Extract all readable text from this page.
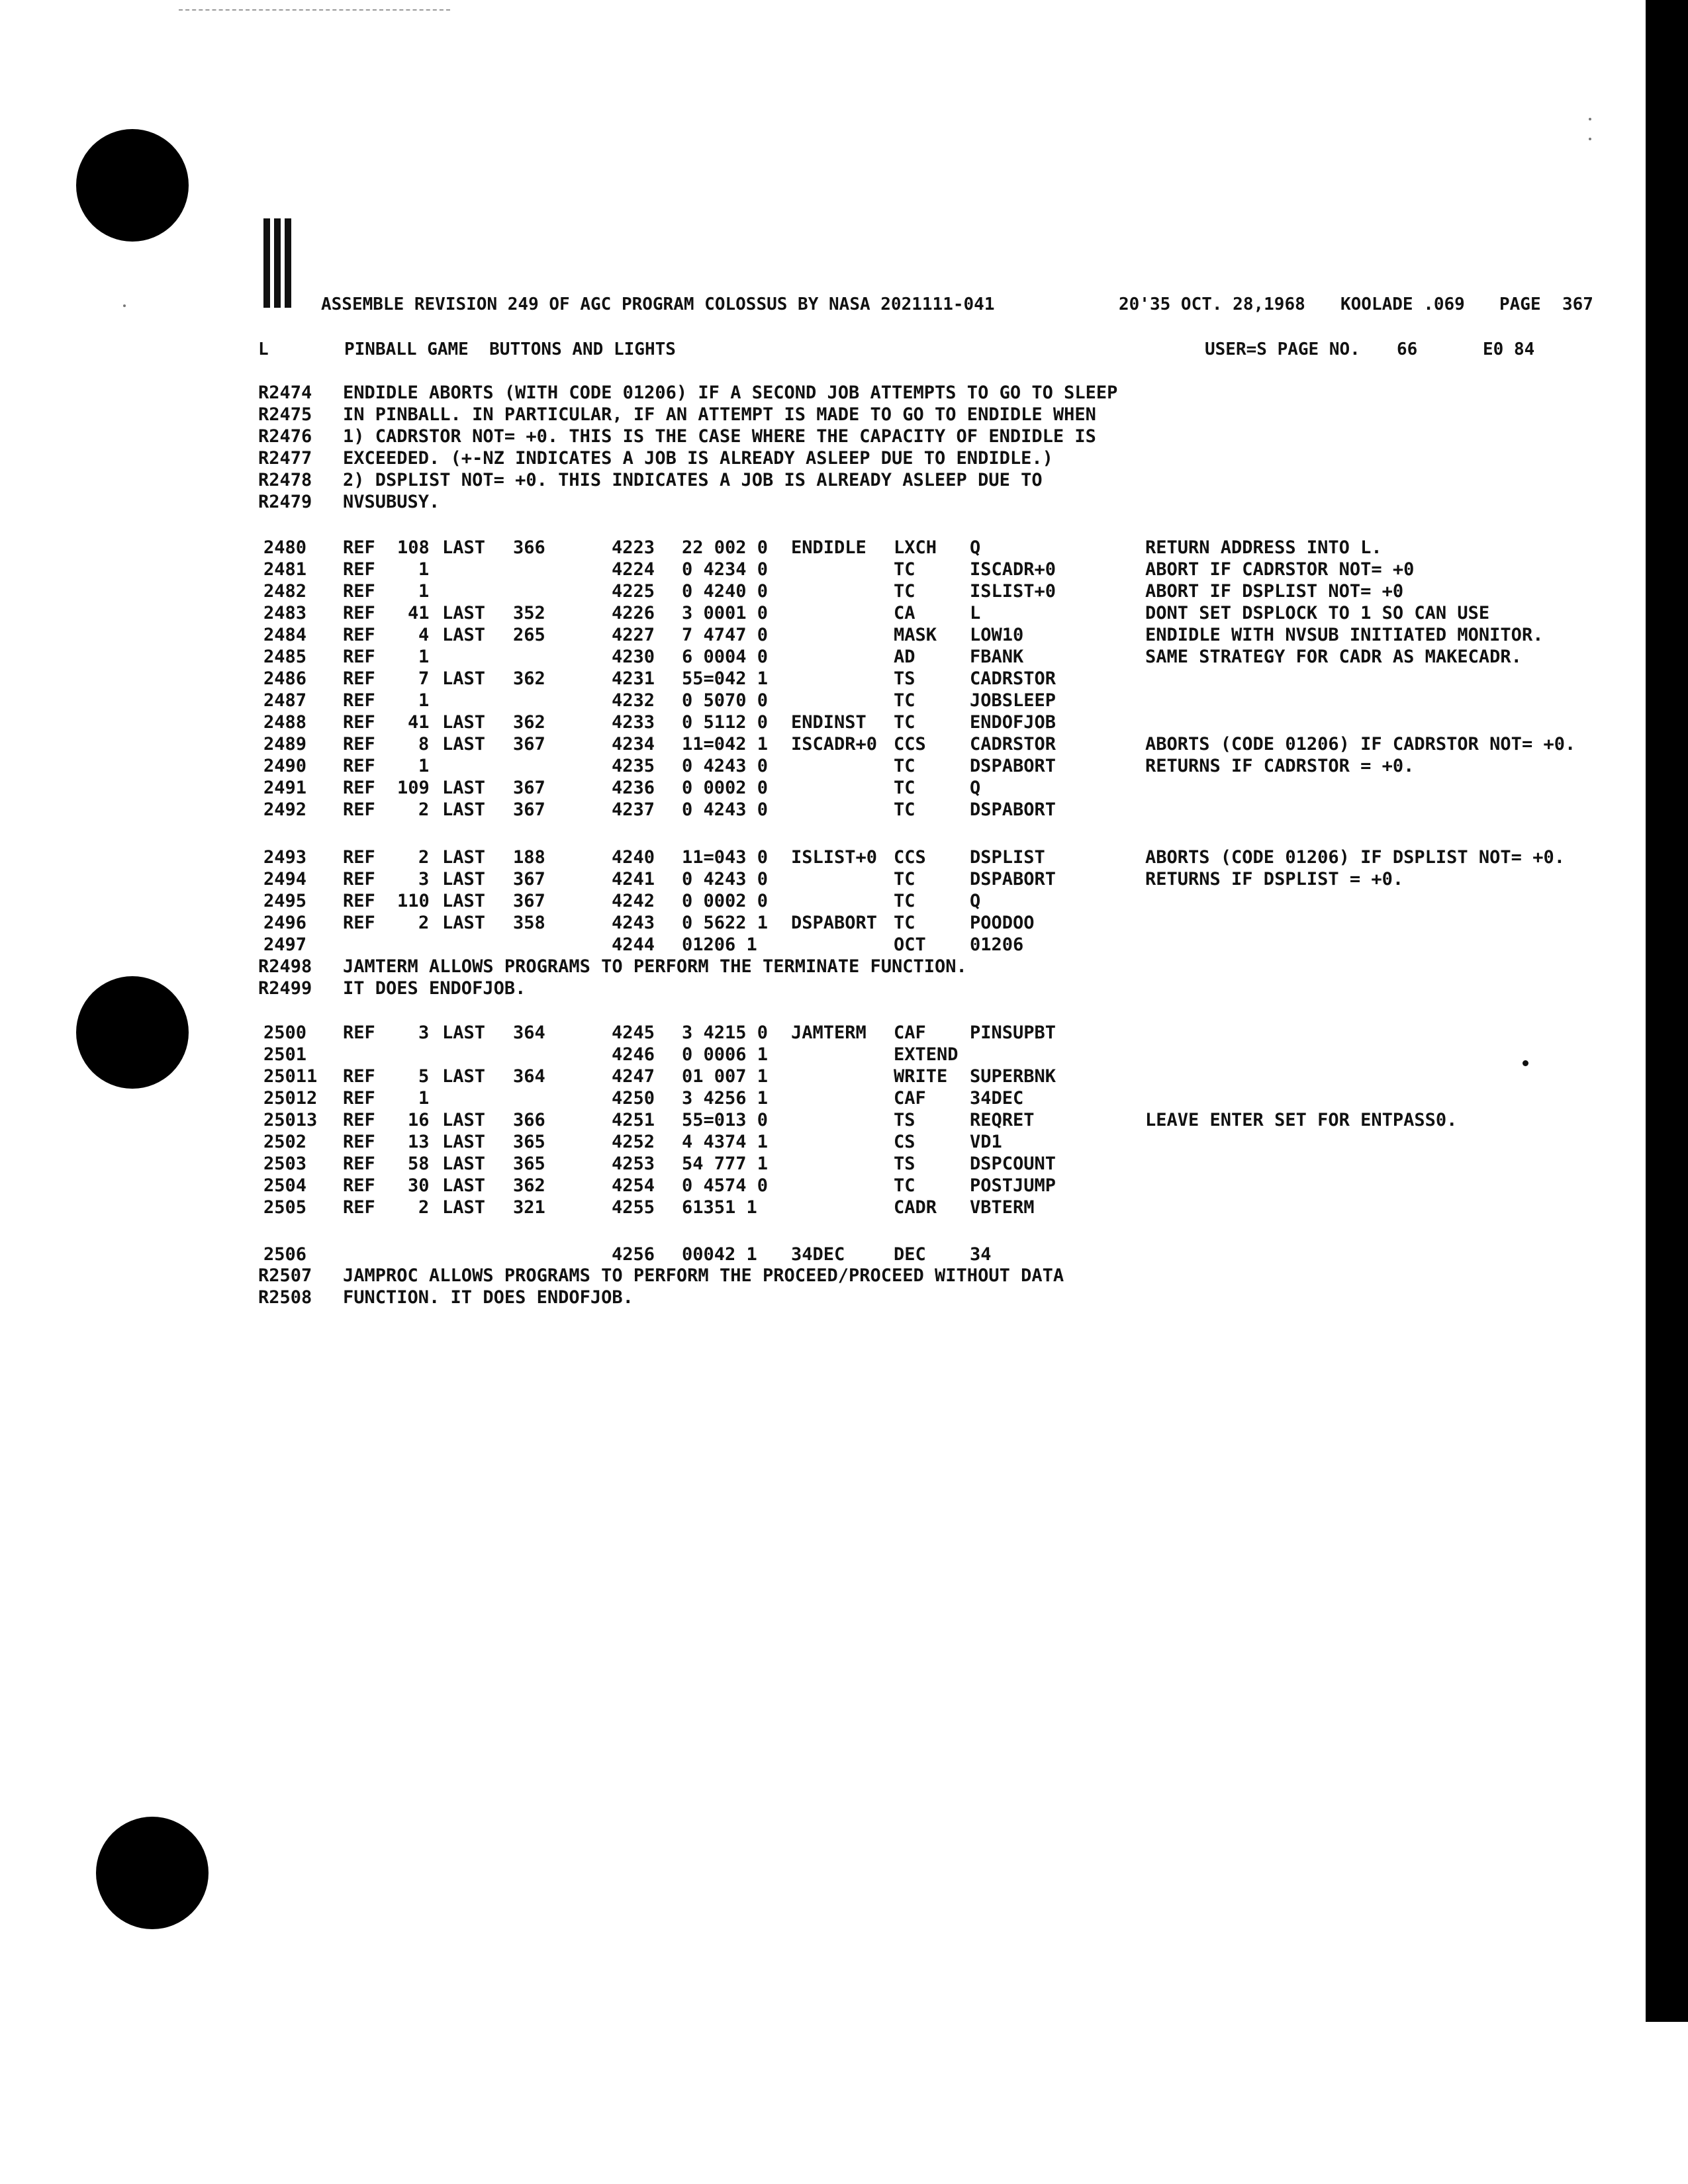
ASSEMBLE REVISION 249 OF AGC PROGRAM COLOSSUS BY NASA 2021111-041	20'35 OCT. 28,1968 KOOLADE .069 PAGE 367
L	PINBALL GAME  BUTTONS AND LIGHTS	USER=S PAGE NO. 66	E0 84
R2474 ENDIDLE ABORTS (WITH CODE 01206) IF A SECOND JOB ATTEMPTS TO GO TO SLEEP
R2475 IN PINBALL. IN PARTICULAR, IF AN ATTEMPT IS MADE TO GO TO ENDIDLE WHEN
R2476 1) CADRSTOR NOT= +0. THIS IS THE CASE WHERE THE CAPACITY OF ENDIDLE IS
R2477 EXCEEDED. (+-NZ INDICATES A JOB IS ALREADY ASLEEP DUE TO ENDIDLE.)
R2478 2) DSPLIST NOT= +0. THIS INDICATES A JOB IS ALREADY ASLEEP DUE TO
R2479 NVSUBUSY.
2480 REF 108 LAST 366	4223 22 002 0 ENDIDLE LXCH Q	RETURN ADDRESS INTO L.
2481 REF 1	4224 0 4234 0	TC	ISCADR+0	ABORT IF CADRSTOR NOT= +0
2482 REF 1	4225 0 4240 0	TC	ISLIST+0	ABORT IF DSPLIST NOT= +0
2483 REF 41 LAST 352	4226 3 0001 0	CA	L	DONT SET DSPLOCK TO 1 SO CAN USE
2484 REF 4 LAST 265	4227 7 4747 0	MASK LOW10	ENDIDLE WITH NVSUB INITIATED MONITOR.
2485 REF 1	4230 6 0004 0	AD	FBANK	SAME STRATEGY FOR CADR AS MAKECADR.
2486 REF 7 LAST 362	4231 55=042 1	TS	CADRSTOR
2487 REF 1	4232 0 5070 0	TC	JOBSLEEP
2488 REF 41 LAST 362	4233 0 5112 0 ENDINST TC	ENDOFJOB
2489 REF 8 LAST 367	4234 11=042 1 ISCADR+0 CCS CADRSTOR	ABORTS (CODE 01206) IF CADRSTOR NOT= +0.
2490 REF 1	4235 0 4243 0	TC	DSPABORT	RETURNS IF CADRSTOR = +0.
2491 REF 109 LAST 367	4236 0 0002 0	TC	Q
2492 REF 2 LAST 367	4237 0 4243 0	TC	DSPABORT
2493 REF 2 LAST 188	4240 11=043 0 ISLIST+0 CCS DSPLIST	ABORTS (CODE 01206) IF DSPLIST NOT= +0.
2494 REF 3 LAST 367	4241 0 4243 0	TC	DSPABORT	RETURNS IF DSPLIST = +0.
2495 REF 110 LAST 367	4242 0 0002 0	TC	Q
2496 REF 2 LAST 358	4243 0 5622 1 DSPABORT TC	POODOO
2497	4244 01206 1	OCT 01206
R2498 JAMTERM ALLOWS PROGRAMS TO PERFORM THE TERMINATE FUNCTION.
R2499 IT DOES ENDOFJOB.
2500 REF 3 LAST 364	4245 3 4215 0 JAMTERM CAF PINSUPBT
2501	4246 0 0006 1	EXTEND
25011 REF 5 LAST 364	4247 01 007 1	WRITE SUPERBNK
25012 REF 1	4250 3 4256 1	CAF 34DEC
25013 REF 16 LAST 366	4251 55=013 0	TS	REQRET	LEAVE ENTER SET FOR ENTPASS0.
2502 REF 13 LAST 365	4252 4 4374 1	CS	VD1
2503 REF 58 LAST 365	4253 54 777 1	TS	DSPCOUNT
2504 REF 30 LAST 362	4254 0 4574 0	TC	POSTJUMP
2505 REF 2 LAST 321	4255 61351 1	CADR VBTERM
2506	4256 00042 1 34DEC	DEC 34
R2507 JAMPROC ALLOWS PROGRAMS TO PERFORM THE PROCEED/PROCEED WITHOUT DATA
R2508 FUNCTION. IT DOES ENDOFJOB.
